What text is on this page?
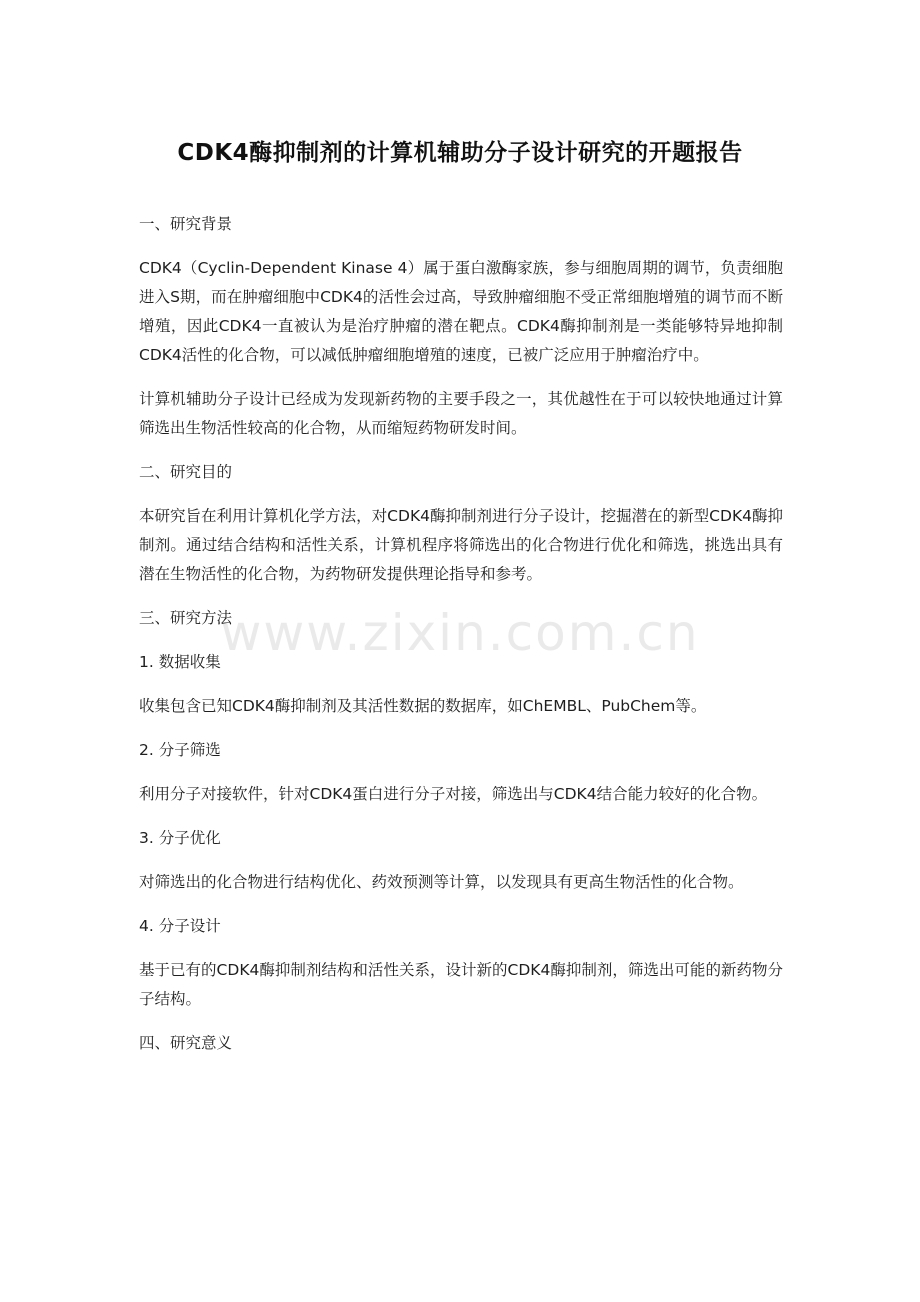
CDK4酶抑制剂的计算机辅助分子设计研究的开题报告

一、研究背景

CDK4（Cyclin-Dependent Kinase 4）属于蛋白激酶家族，参与细胞周期的调节，负责细胞进入S期，而在肿瘤细胞中CDK4的活性会过高，导致肿瘤细胞不受正常细胞增殖的调节而不断增殖，因此CDK4一直被认为是治疗肿瘤的潜在靶点。CDK4酶抑制剂是一类能够特异地抑制CDK4活性的化合物，可以减低肿瘤细胞增殖的速度，已被广泛应用于肿瘤治疗中。

计算机辅助分子设计已经成为发现新药物的主要手段之一，其优越性在于可以较快地通过计算筛选出生物活性较高的化合物，从而缩短药物研发时间。

二、研究目的

本研究旨在利用计算机化学方法，对CDK4酶抑制剂进行分子设计，挖掘潜在的新型CDK4酶抑制剂。通过结合结构和活性关系，计算机程序将筛选出的化合物进行优化和筛选，挑选出具有潜在生物活性的化合物，为药物研发提供理论指导和参考。

三、研究方法

1. 数据收集

收集包含已知CDK4酶抑制剂及其活性数据的数据库，如ChEMBL、PubChem等。

2. 分子筛选

利用分子对接软件，针对CDK4蛋白进行分子对接，筛选出与CDK4结合能力较好的化合物。

3. 分子优化

对筛选出的化合物进行结构优化、药效预测等计算，以发现具有更高生物活性的化合物。

4. 分子设计

基于已有的CDK4酶抑制剂结构和活性关系，设计新的CDK4酶抑制剂，筛选出可能的新药物分子结构。

四、研究意义

www.zixin.com.cn
